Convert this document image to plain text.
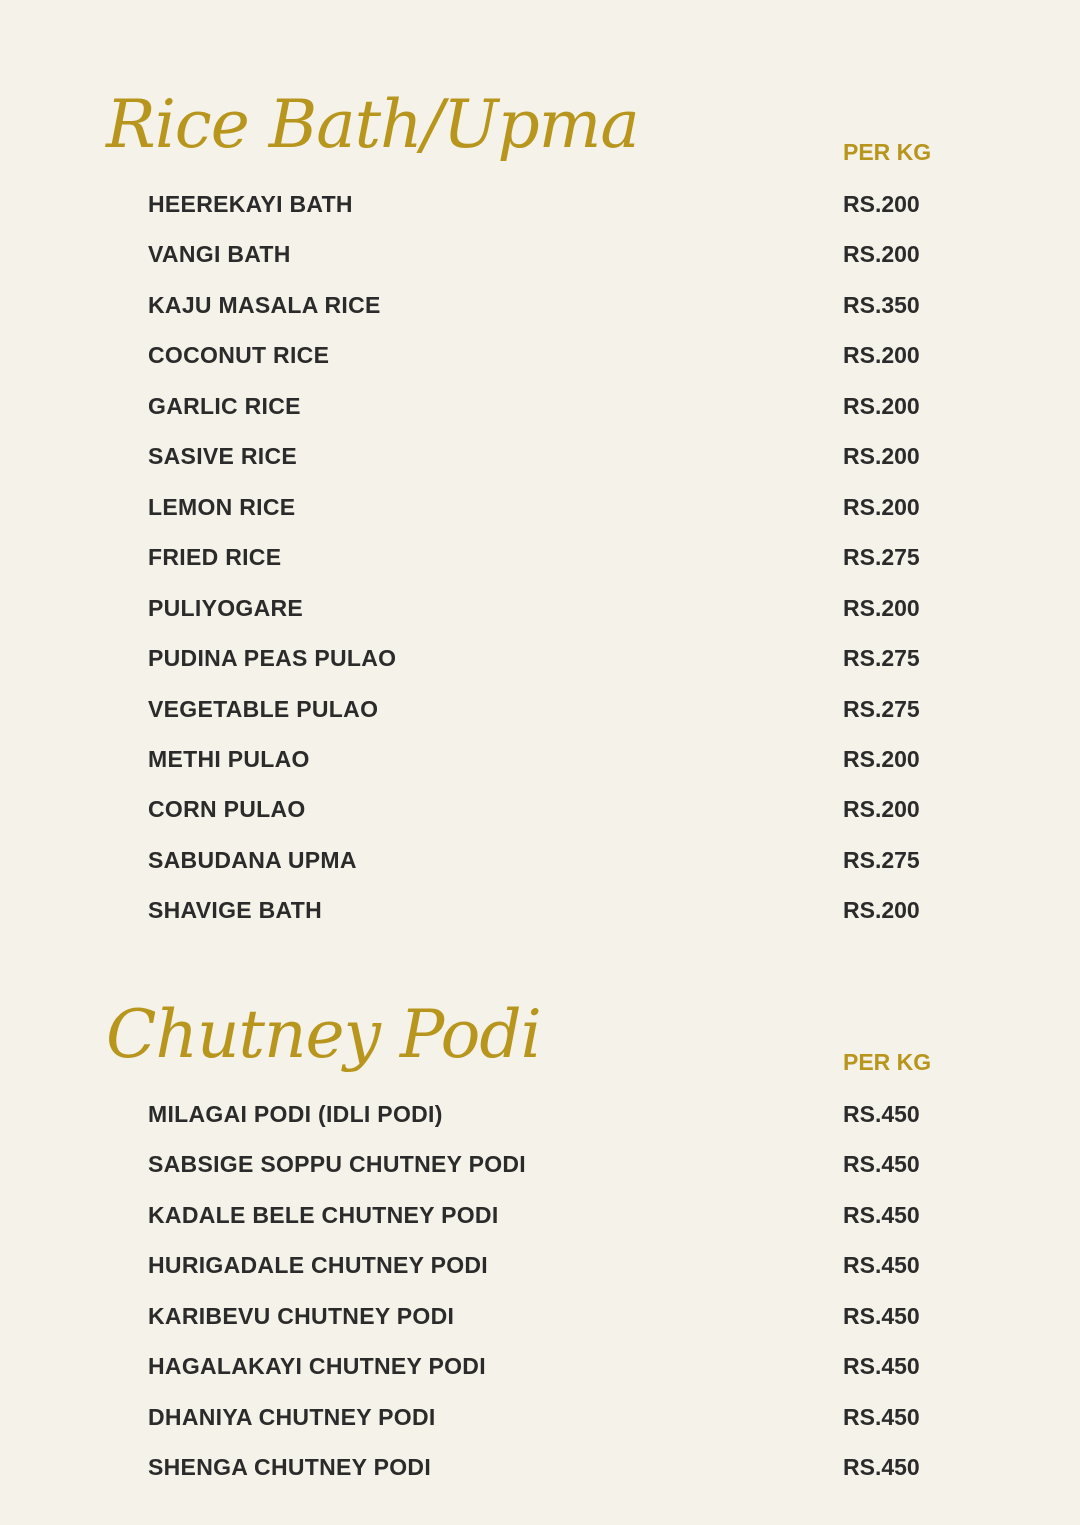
Rice Bath/Upma	PER KG
HEEREKAYI BATH	RS.200
VANGI BATH	RS.200
KAJU MASALA RICE	RS.350
COCONUT RICE	RS.200
GARLIC RICE	RS.200
SASIVE RICE	RS.200
LEMON RICE	RS.200
FRIED RICE	RS.275
PULIYOGARE	RS.200
PUDINA PEAS PULAO	RS.275
VEGETABLE PULAO	RS.275
METHI PULAO	RS.200
CORN PULAO	RS.200
SABUDANA UPMA	RS.275
SHAVIGE BATH	RS.200
Chutney Podi	PER KG
MILAGAI PODI (IDLI PODI)	RS.450
SABSIGE SOPPU CHUTNEY PODI	RS.450
KADALE BELE CHUTNEY PODI	RS.450
HURIGADALE CHUTNEY PODI	RS.450
KARIBEVU CHUTNEY PODI	RS.450
HAGALAKAYI CHUTNEY PODI	RS.450
DHANIYA CHUTNEY PODI	RS.450
SHENGA CHUTNEY PODI	RS.450
